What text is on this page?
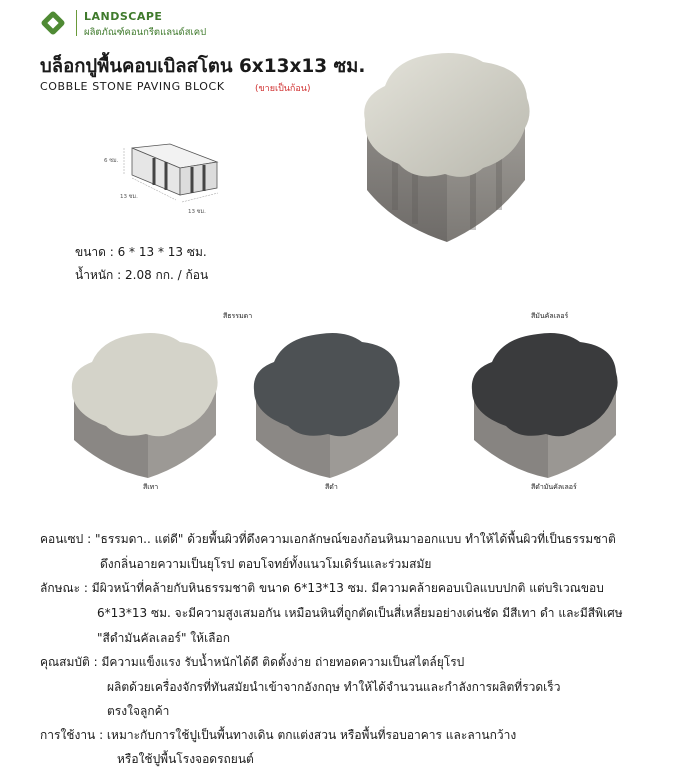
LANDSCAPE
ผลิตภัณฑ์คอนกรีตแลนด์สเคป
บล็อกปูพื้นคอบเบิลสโตน 6x13x13 ซม.
COBBLE STONE PAVING BLOCK	(ขายเป็นก้อน)
6 ซม.
13 ซม.
13 ซม.
ขนาด : 6 * 13 * 13 ซม.
น้ำหนัก : 2.08 กก. / ก้อน
สีธรรมดา	สีมันคัลเลอร์
สีเทา	สีดำ	สีดำมันคัลเลอร์
คอนเซป : "ธรรมดา.. แต่ดี" ด้วยพื้นผิวที่ดึงความเอกลักษณ์ของก้อนหินมาออกแบบ ทำให้ได้พื้นผิวที่เป็นธรรมชาติ
ดึงกลิ่นอายความเป็นยุโรป ตอบโจทย์ทั้งแนวโมเดิร์นและร่วมสมัย
ลักษณะ : มีผิวหน้าที่คล้ายกับหินธรรมชาติ ขนาด 6*13*13 ซม. มีความคล้ายคอบเบิลแบบปกติ แต่บริเวณขอบ
6*13*13 ซม. จะมีความสูงเสมอกัน เหมือนหินที่ถูกตัดเป็นสี่เหลี่ยมอย่างเด่นชัด มีสีเทา ดำ และมีสีพิเศษ
"สีดำมันคัลเลอร์" ให้เลือก
คุณสมบัติ : มีความแข็งแรง รับน้ำหนักได้ดี ติดตั้งง่าย ถ่ายทอดความเป็นสไตล์ยุโรป
ผลิตด้วยเครื่องจักรที่ทันสมัยนำเข้าจากอังกฤษ ทำให้ได้จำนวนและกำลังการผลิตที่รวดเร็ว
ตรงใจลูกค้า
การใช้งาน : เหมาะกับการใช้ปูเป็นพื้นทางเดิน ตกแต่งสวน หรือพื้นที่รอบอาคาร และลานกว้าง
หรือใช้ปูพื้นโรงจอดรถยนต์
